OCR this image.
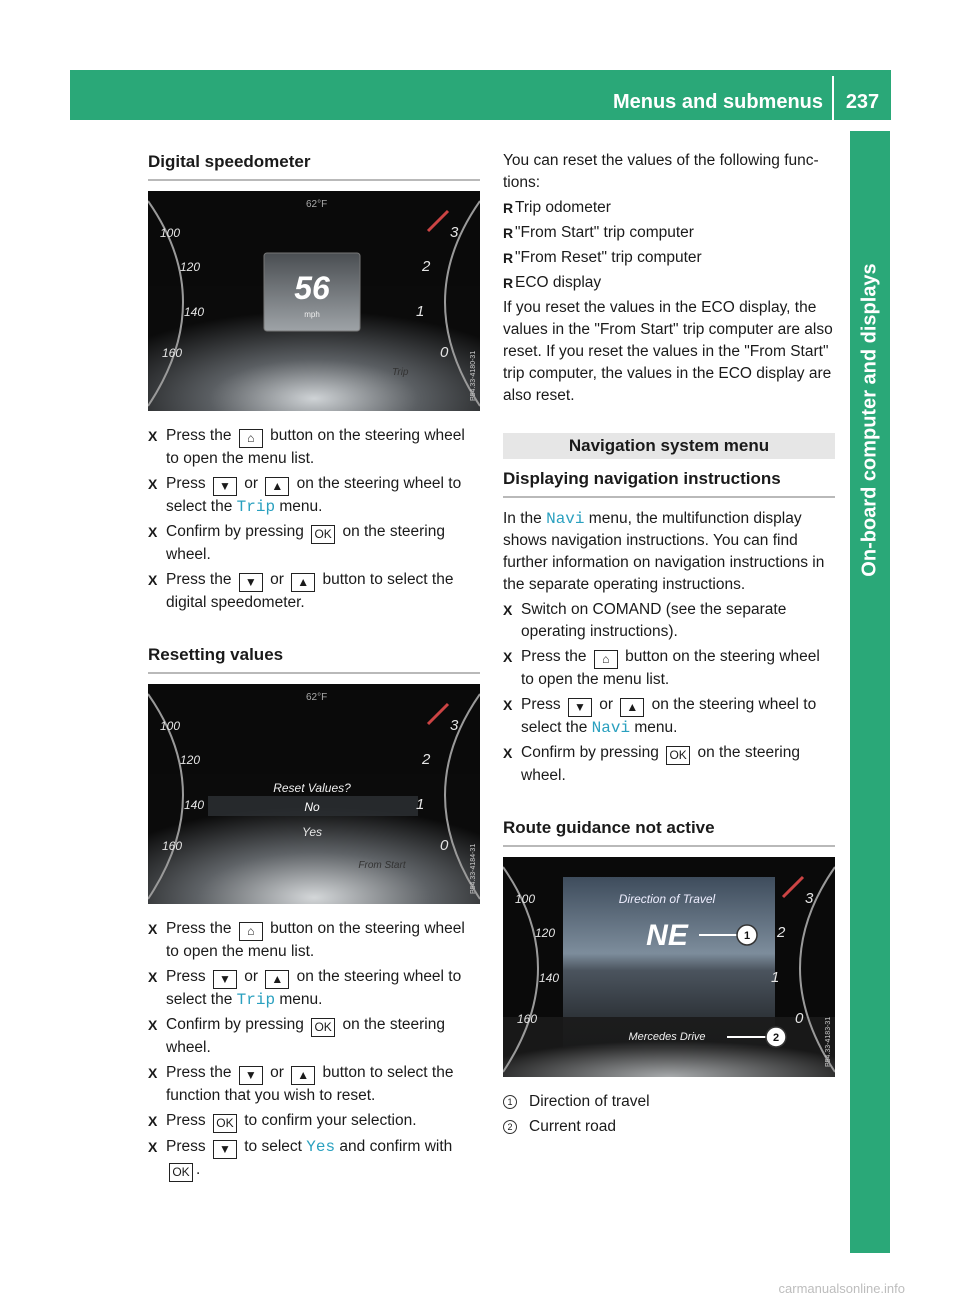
Menus and submenus	237
On-board computer and displays
Digital speedometer
100
120
140
160
3
2
1
0
62°F
Trip
56
mph
P54.33-4180-31
X Press the ⌂ button on the steering wheel to open the menu list.
X Press ▼ or ▲ on the steering wheel to select the Trip menu.
X Confirm by pressing OK on the steering wheel.
X Press the ▼ or ▲ button to select the digital speedometer.
Resetting values
100
120
140
160
3
2
1
0
62°F
Reset Values?
No
Yes
From Start	P54.33-4184-31
X Press the ⌂ button on the steering wheel to open the menu list.
X Press ▼ or ▲ on the steering wheel to select the Trip menu.
X Confirm by pressing OK on the steering wheel.
X Press the ▼ or ▲ button to select the function that you wish to reset.
X Press OK to confirm your selection.
X Press ▼ to select Yes and confirm with OK .
You can reset the values of the following func-tions:
R Trip odometer
R "From Start" trip computer
R "From Reset" trip computer
R ECO display
If you reset the values in the ECO display, the values in the "From Start" trip computer are also reset. If you reset the values in the "From Start" trip computer, the values in the ECO display are also reset.
Navigation system menu
Displaying navigation instructions
In the Navi menu, the multifunction display shows navigation instructions. You can find further information on navigation instructions in the separate operating instructions.
X Switch on COMAND (see the separate operating instructions).
X Press the ⌂ button on the steering wheel to open the menu list.
X Press ▼ or ▲ on the steering wheel to select the Navi menu.
X Confirm by pressing OK on the steering wheel.
Route guidance not active
100
120
140
160
3
2
1
0
Direction of Travel
NE
Mercedes Drive
1
2	P54.33-4183-31
1 Direction of travel
2 Current road
carmanualsonline.info
